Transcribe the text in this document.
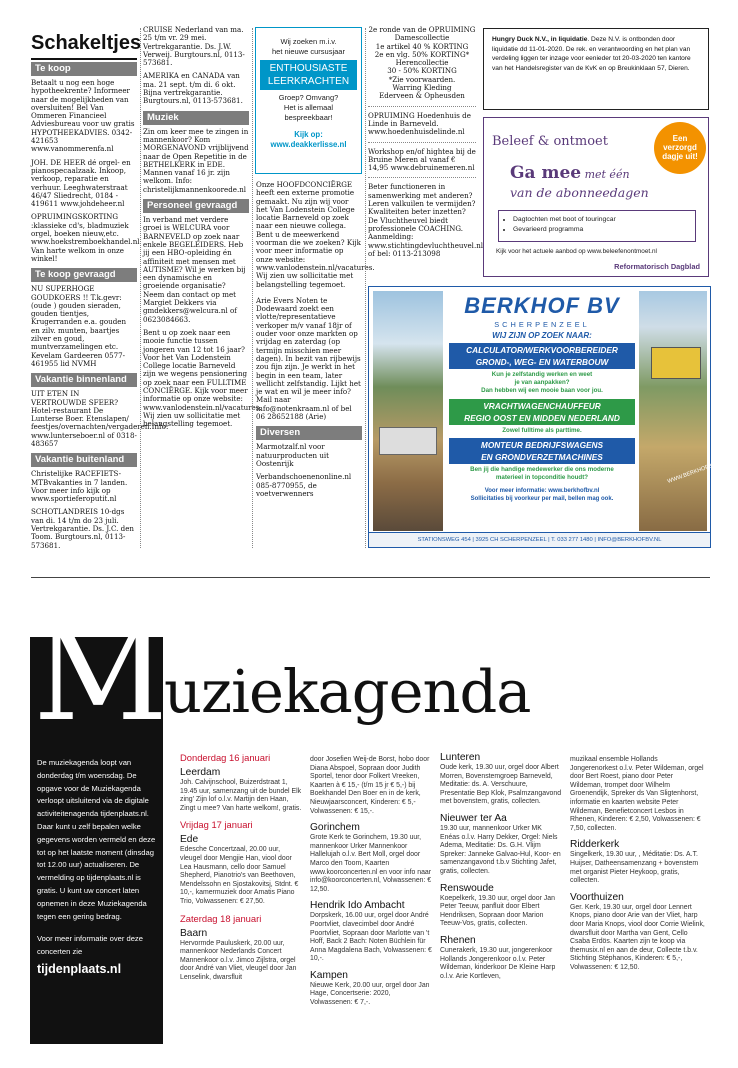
Schakeltjes
Te koop

Betaalt u nog een hoge hypotheekrente? Informeer naar de mogelijkheden van oversluiten! Bel Van Ommeren Financieel Adviesbureau voor uw gratis HYPOTHEEKADVIES. 0342-421653 www.vanommerenfa.nl

JOH. DE HEER dé orgel- en pianospecaalzaak. Inkoop, verkoop, reparatie en verhuur. Leeghwaterstraat 46/47 Sliedrecht, 0184 - 419611 www.johdeheer.nl

OPRUIMINGSKORTING :klassieke cd's, bladmuziek orgel, boeken nieuw,etc. www.hoekstremboekhandel.nl Van harte welkom in onze winkel!

Te koop gevraagd

NU SUPERHOGE GOUDKOERS !! T.k.gevr: (oude ) gouden sieraden, gouden tientjes, Krugerranden e.a. gouden en zilv. munten, baartjes zilver en goud, muntverzamelingen etc. Kevelam Gardeeren 0577-461955 lid NVMH

Vakantie binnenland

UIT ETEN IN VERTROUWDE SFEER? Hotel-restaurant De Lunterse Boer. Etenslapen/ feestjes/overnachten/vergaderen.Info: www.lunterseboer.nl of 0318-483657

Vakantie buitenland

Christelijke RACEFIETS-MTBvakanties in 7 landen. Voor meer info kijk op www.sportieferoputit.nl

SCHOTLANDREIS 10-dgs van di. 14 t/m do 23 juli. Vertrekgarantie. Ds. J.C. den Toom. Burgtours.nl, 0113-573681.

CRUISE Nederland van ma. 25 t/m vr. 29 mei. Vertrekgarantie. Ds. J.W. Verweij. Burgtours.nl, 0113-573681.

AMERIKA en CANADA van ma. 21 sept. t/m di. 6 okt. Bijna vertrekgarantie. Burgtours.nl, 0113-573681.

Muziek

Zin om keer mee te zingen in mannenkoor? Kom MORGENAVOND vrijblijvend naar de Open Repetitie in de BETHELKERK in EDE. Mannen vanaf 16 jr. zijn welkom. Info: christelijkmannenkoorede.nl

Personeel gevraagd

In verband met verdere groei is WELCURA voor BARNEVELD op zoek naar enkele BEGELEIDERS. Heb jij een HBO-opleiding én affiniteit met mensen met AUTISME? Wil je werken bij een dynamische en groeiende organisatie? Neem dan contact op met Margiet Dekkers via gmdekkers@welcura.nl of 0623084663.

Bent u op zoek naar een mooie functie tussen jongeren van 12 tot 16 jaar? Voor het Van Lodenstein College locatie Barneveld zijn we wegens pensionering op zoek naar een FULLTIME CONCIËRGE. Kijk voor meer informatie op onze website: www.vanlodenstein.nl/vacatures. Wij zien uw sollicitatie met belangstelling tegemoet.

Wij zoeken m.i.v.
het nieuwe cursusjaar
ENTHOUSIASTE
LEERKRACHTEN
Groep? Omvang?
Het is allemaal
bespreekbaar!
Kijk op:
www.deakkerlisse.nl

Onze HOOFDCONCIËRGE heeft een externe promotie gemaakt. Nu zijn wij voor het Van Lodenstein College locatie Barneveld op zoek naar een nieuwe collega. Bent u de meewerkend voorman die we zoeken? Kijk voor meer informatie op onze website: www.vanlodenstein.nl/vacatures. Wij zien uw sollicitatie met belangstelling tegemoet.

Arie Evers Noten te Dodewaard zoekt een vlotte/representatieve verkoper m/v vanaf 18jr of ouder voor onze markten op vrijdag en zaterdag (op termijn misschien meer dagen). In bezit van rijbewijs zou fijn zijn. Je werkt in het begin in een team, later wellicht zelfstandig. Lijkt het je wat en wil je meer info? Mail naar info@notenkraam.nl of bel 06 28652188 (Arie)

Diversen

Marmotzalf.nl voor natuurproducten uit Oostenrijk

Verbandschoenenonline.nl 085-8770955, de voetverwenners

2e ronde van de OPRUIMING
Damescollectie
1e artikel 40 % KORTING
2e en vlg. 50% KORTING*
Herencollectie
30 - 50% KORTING
*Zie voorwaarden.
Warring Kleding
Ederveen & Opheusden

OPRUIMING Hoedenhuis de Linde in Barneveld. www.hoedenhuisdelinde.nl

Workshop en/of hightea bij de Bruine Meren al vanaf € 14,95 www.debruinemeren.nl

Beter functioneren in samenwerking met anderen? Leren valkuilen te vermijden? Kwaliteiten beter inzetten? De Vluchtheuvel biedt professionele COACHING. Aanmelding: www.stichtingdevluchtheuvel.nl of bel: 0113-213098

Hungry Duck N.V., in liquidatie. Deze N.V. is ontbonden door liquidatie dd 11-01-2020. De rek. en verantwoording en het plan van verdeling liggen ter inzage voor eenieder tot 20-03-2020 ten kantore van het Handelsregister van de KvK en op Breukinklaan 57, Dieren.
Beleef & ontmoet	Een
verzorgd
dagje uit!
Ga mee met één
van de abonneedagen
• Dagtochten met boot of touringcar
• Gevarieerd programma
Kijk voor het actuele aanbod op www.beleefenontmoet.nl
Reformatorisch Dagblad
WWW.BERKHOFBV.NL
BERKHOF BV
SCHERPENZEEL
WIJ ZIJN OP ZOEK NAAR:
CALCULATOR/WERKVOORBEREIDER
GROND-, WEG- EN WATERBOUW
Kun je zelfstandig werken en weet
je van aanpakken?
Dan hebben wij een mooie baan voor jou.
VRACHTWAGENCHAUFFEUR
REGIO OOST EN MIDDEN NEDERLAND
Zowel fulltime als parttime.
MONTEUR BEDRIJFSWAGENS
EN GRONDVERZETMACHINES
Ben jij die handige medewerker die ons moderne
materieel in topconditie houdt?
Voor meer informatie: www.berkhofbv.nl
Sollicitaties bij voorkeur per mail, bellen mag ook.
STATIONSWEG 454 | 3925 CH SCHERPENZEEL | T. 033 277 1480 | INFO@BERKHOFBV.NL
M
uziekagenda
De muziekagenda loopt van donderdag t/m woensdag. De opgave voor de Muziekagenda verloopt uitsluitend via de digitale activiteitenagenda tijdenplaats.nl. Daar kunt u zelf bepalen welke gegevens worden vermeld en deze tot op het laatste moment (dinsdag tot 12.00 uur) actualiseren. De vermelding op tijdenplaats.nl is gratis. U kunt uw concert laten opnemen in deze Muziekagenda tegen een gering bedrag.
Voor meer informatie over deze concerten zie
tijdenplaats.nl
Donderdag 16 januari
Leerdam
Joh. Calvijnschool, Buizerdstraat 1, 19.45 uur, samenzang uit de bundel Elk zing' Zijn lof o.l.v. Martijn den Haan, Zingt u mee? Van harte welkom!, gratis.
Vrijdag 17 januari
Ede
Edesche Concertzaal, 20.00 uur, vleugel door Mengjie Han, viool door Lea Hausmann, cello door Samuel Shepherd, Pianotrio's van Beethoven, Mendelssohn en Sjostakovitsj, Stdnt. € 10,-, kamermuziek door Amatis Piano Trio, Volwassenen: € 27,50.
Zaterdag 18 januari
Baarn
Hervormde Pauluskerk, 20.00 uur, mannenkoor Nederlands Concert Mannenkoor o.l.v. Jimco Zijlstra, orgel door André van Vliet, vleugel door Jan Lenselink, dwarsfluit
door Josefien Weij-de Borst, hobo door Diana Abspoel, Sopraan door Judith Sportel, tenor door Folkert Vreeken, Kaarten à € 15,- (t/m 15 jr € 5,-) bij Boekhandel Den Boer en in de kerk, Nieuwjaarsconcert, Kinderen: € 5,- Volwassenen: € 15,-.
Gorinchem
Grote Kerk te Gorinchem, 19.30 uur, mannenkoor Urker Mannenkoor Hallelujah o.l.v. Bert Moll, orgel door Marco den Toom, Kaarten www.koorconcerten.nl en voor info naar info@koorconcerten.nl, Volwassenen: € 12,50.
Hendrik Ido Ambacht
Dorpskerk, 16.00 uur, orgel door André Poortvliet, clavecimbel door André Poortvliet, Sopraan door Marlotte van 't Hoff, Back 2 Bach: Noten Büchlein für Anna Magdalena Bach, Volwassenen: € 10,-.
Kampen
Nieuwe Kerk, 20.00 uur, orgel door Jan Hage, Concertserie: 2020, Volwassenen: € 7,-.
Lunteren
Oude kerk, 19.30 uur, orgel door Albert Morren, Bovenstemgroep Barneveld, Meditatie: ds. A. Verschuure, Presentatie Bep Klok, Psalmzangavond met bovenstem, gratis, collecten.
Nieuwer ter Aa
19.30 uur, mannenkoor Urker MK Enéas o.l.v. Harry Dekker, Orgel: Niels Adema, Meditatie: Ds. G.H. Vlijm Spreker: Janneke Galvao-Hul, Koor- en samenzangavond t.b.v Stichting Jafet, gratis, collecten.
Renswoude
Koepelkerk, 19.30 uur, orgel door Jan Peter Teeuw, panfluit door Elbert Hendriksen, Sopraan door Marion Teeuw-Vos, gratis, collecten.
Rhenen
Cunerakerk, 19.30 uur, jongerenkoor Hollands Jongerenkoor o.l.v. Peter Wildeman, kinderkoor De Kleine Harp o.l.v. Arie Kortleven,
muzikaal ensemble Hollands Jongerenorkest o.l.v. Peter Wildeman, orgel door Bert Roest, piano door Peter Wildeman, trompet door Wilhelm Groenendijk, Spreker ds Van Sligtenhorst, informatie en kaarten website Peter Wildeman, Benefietconcert Lesbos in Rhenen, Kinderen: € 2,50, Volwassenen: € 7,50, collecten.
Ridderkerk
Singelkerk, 19.30 uur, , Méditatie: Ds. A.T. Huijser, Datheensamenzang + bovenstem met organist Pieter Heykoop, gratis, collecten.
Voorthuizen
Ger. Kerk, 19.30 uur, orgel door Lennert Knops, piano door Arie van der Vliet, harp door Maria Knops, viool door Corrie Wielink, dwarsfluit door Martha van Gent, Cello Csaba Erdös. Kaarten zijn te koop via themusix.nl en aan de deur, Collecte t.b.v. Stichting Stéphanos, Kinderen: € 5,-, Volwassenen: € 12,50.
